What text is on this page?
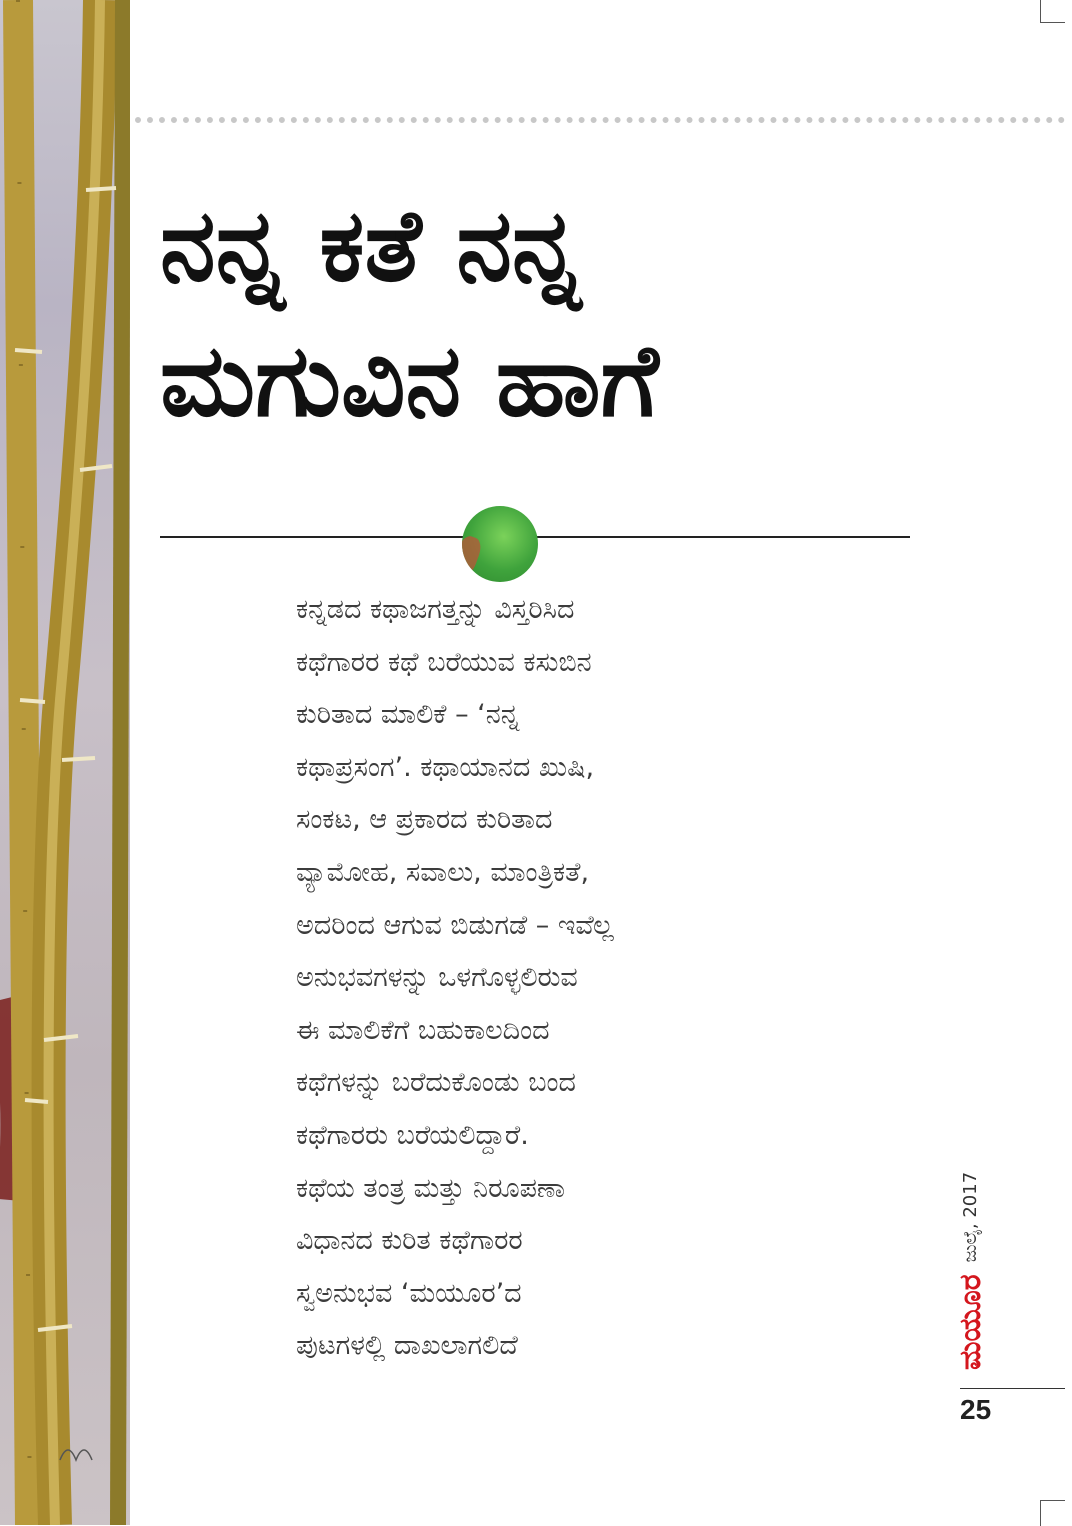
ನನ್ನ ಕತೆ ನನ್ನ
ಮಗುವಿನ ಹಾಗೆ
ಕನ್ನಡದ ಕಥಾಜಗತ್ತನ್ನು ವಿಸ್ತರಿಸಿದ
ಕಥೆಗಾರರ ಕಥೆ ಬರೆಯುವ ಕಸುಬಿನ
ಕುರಿತಾದ ಮಾಲಿಕೆ – ‘ನನ್ನ
ಕಥಾಪ್ರಸಂಗ’. ಕಥಾಯಾನದ ಖುಷಿ,
ಸಂಕಟ, ಆ ಪ್ರಕಾರದ ಕುರಿತಾದ
ವ್ಯಾಮೋಹ, ಸವಾಲು, ಮಾಂತ್ರಿಕತೆ,
ಅದರಿಂದ ಆಗುವ ಬಿಡುಗಡೆ – ಇವೆಲ್ಲ
ಅನುಭವಗಳನ್ನು ಒಳಗೊಳ್ಳಲಿರುವ
ಈ ಮಾಲಿಕೆಗೆ ಬಹುಕಾಲದಿಂದ
ಕಥೆಗಳನ್ನು ಬರೆದುಕೊಂಡು ಬಂದ
ಕಥೆಗಾರರು ಬರೆಯಲಿದ್ದಾರೆ.
ಕಥೆಯ ತಂತ್ರ ಮತ್ತು ನಿರೂಪಣಾ
ವಿಧಾನದ ಕುರಿತ ಕಥೆಗಾರರ
ಸ್ವಅನುಭವ ‘ಮಯೂರ’ದ
ಪುಟಗಳಲ್ಲಿ ದಾಖಲಾಗಲಿದೆ	ಮಯೂರ
ಜುಲೈ, 2017
25
